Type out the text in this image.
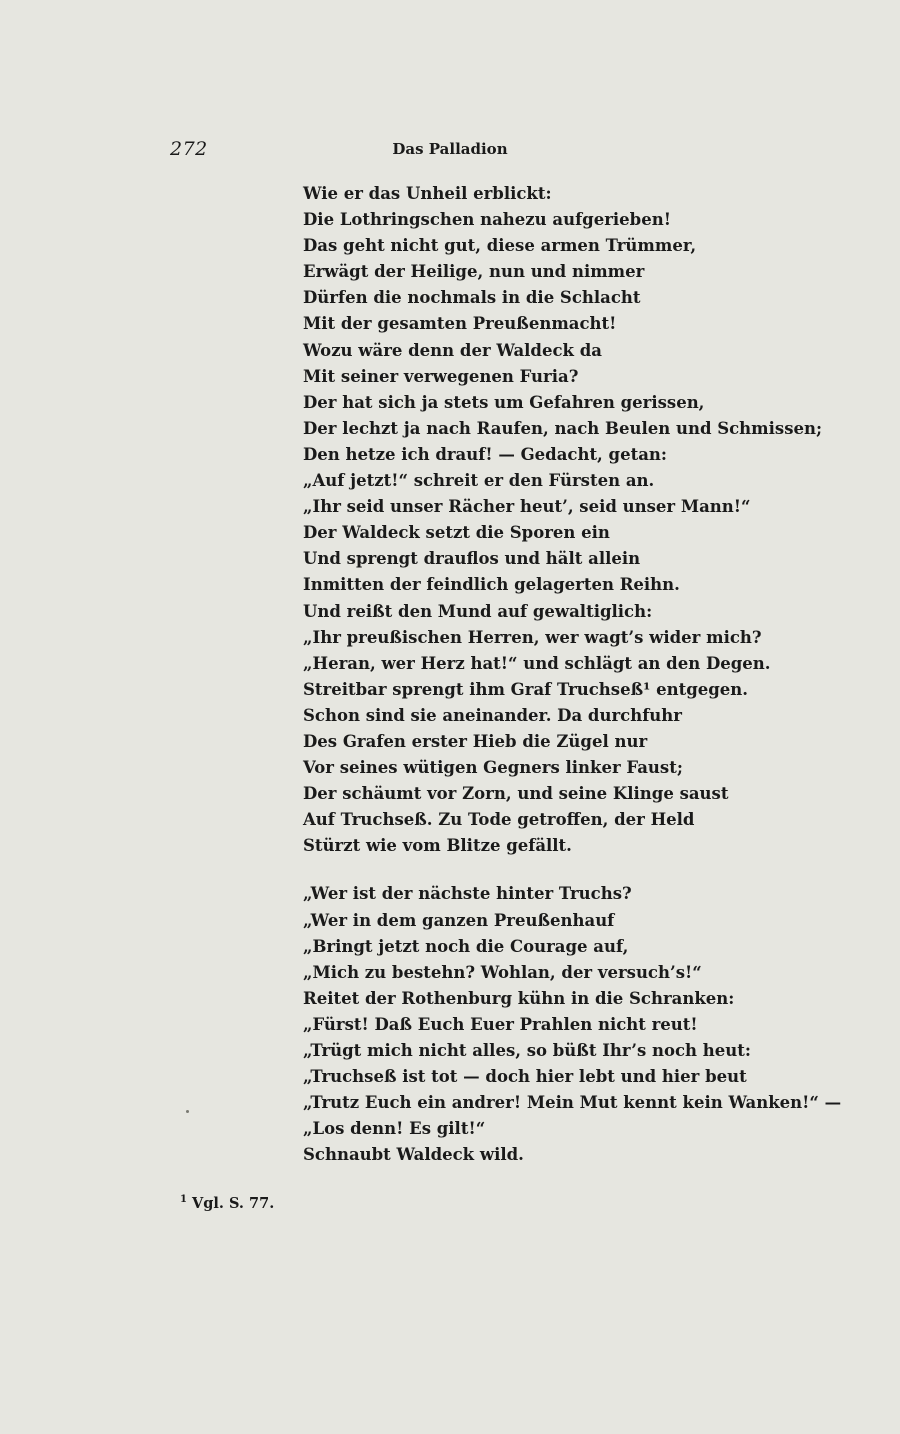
272	Das Palladion
Wie er das Unheil erblickt:
Die Lothringschen nahezu aufgerieben!
Das geht nicht gut, diese armen Trümmer,
Erwägt der Heilige, nun und nimmer
Dürfen die nochmals in die Schlacht
Mit der gesamten Preußenmacht!
Wozu wäre denn der Waldeck da
Mit seiner verwegenen Furia?
Der hat sich ja stets um Gefahren gerissen,
Der lechzt ja nach Raufen, nach Beulen und Schmissen;
Den hetze ich drauf! — Gedacht, getan:
„Auf jetzt!“ schreit er den Fürsten an.
„Ihr seid unser Rächer heut’, seid unser Mann!“
Der Waldeck setzt die Sporen ein
Und sprengt drauflos und hält allein
Inmitten der feindlich gelagerten Reihn.
Und reißt den Mund auf gewaltiglich:
„Ihr preußischen Herren, wer wagt’s wider mich?
„Heran, wer Herz hat!“ und schlägt an den Degen.
Streitbar sprengt ihm Graf Truchseß¹ entgegen.
Schon sind sie aneinander. Da durchfuhr
Des Grafen erster Hieb die Zügel nur
Vor seines wütigen Gegners linker Faust;
Der schäumt vor Zorn, und seine Klinge saust
Auf Truchseß. Zu Tode getroffen, der Held
Stürzt wie vom Blitze gefällt.
„Wer ist der nächste hinter Truchs?
„Wer in dem ganzen Preußenhauf
„Bringt jetzt noch die Courage auf,
„Mich zu bestehn? Wohlan, der versuch’s!“
Reitet der Rothenburg kühn in die Schranken:
„Fürst! Daß Euch Euer Prahlen nicht reut!
„Trügt mich nicht alles, so büßt Ihr’s noch heut:
„Truchseß ist tot — doch hier lebt und hier beut
„Trutz Euch ein andrer! Mein Mut kennt kein Wanken!“ —
„Los denn! Es gilt!“
Schnaubt Waldeck wild.
$^1$ Vgl. S. 77.
